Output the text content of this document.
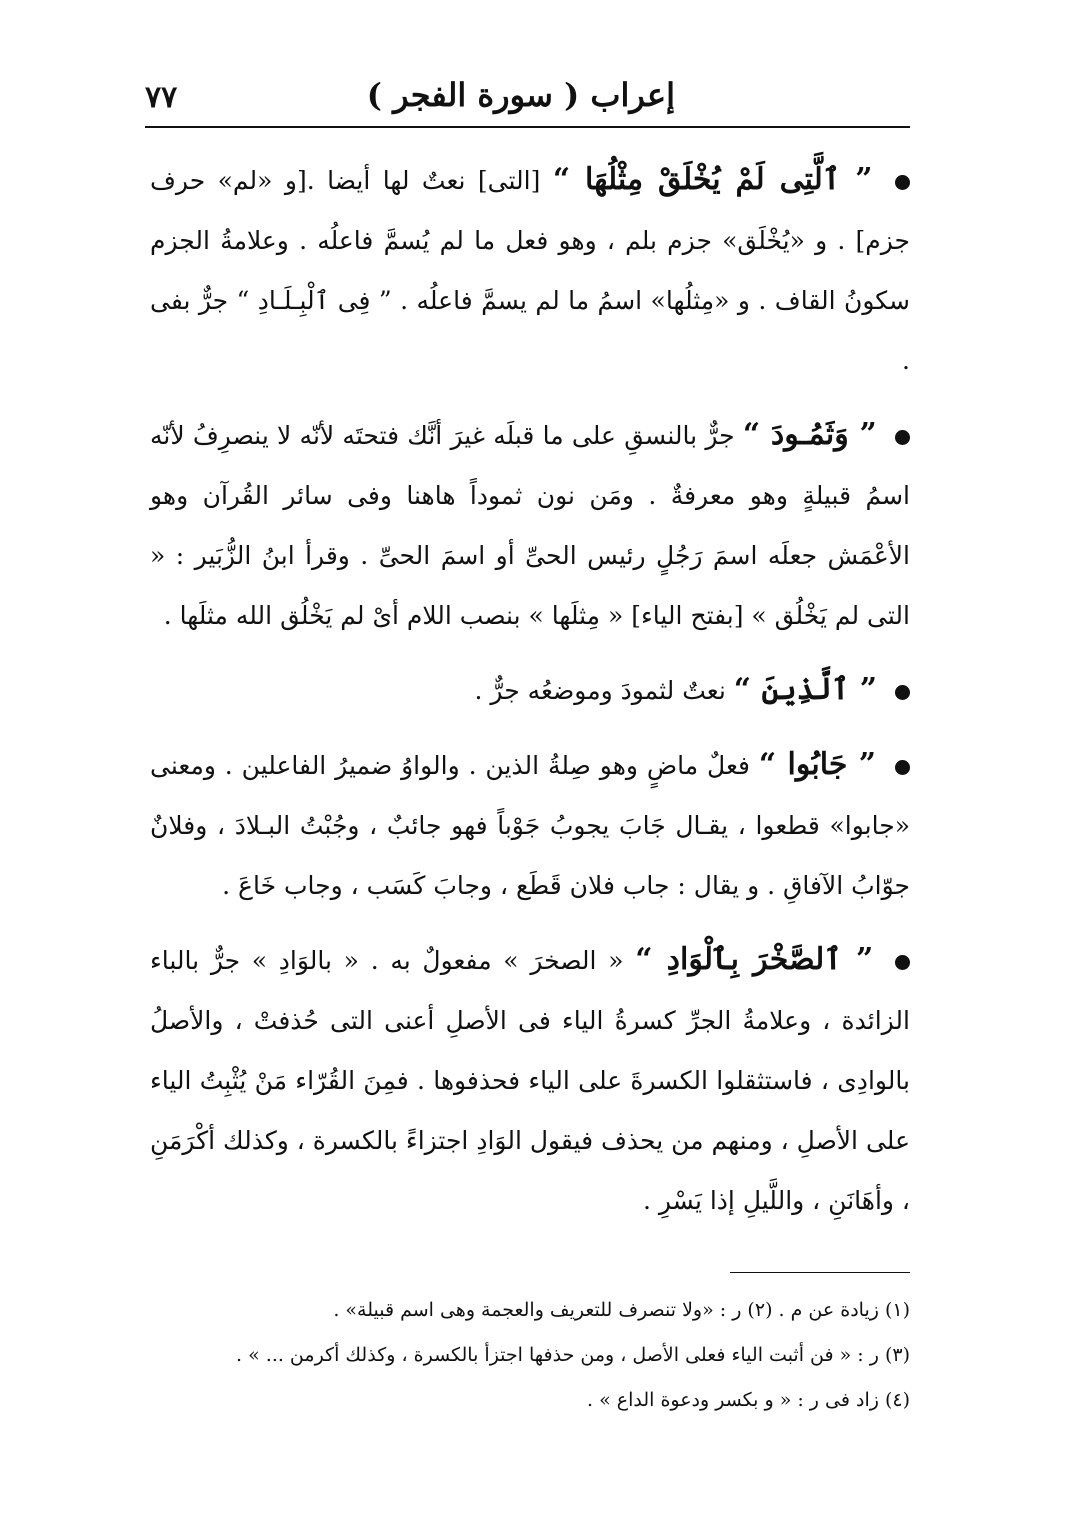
إعراب ( سورة الفجر )
٧٧

” ٱلَّتِى لَمْ يُخْلَقْ مِثْلُهَا “ [التى] نعتٌ لها أيضا .[و «لم» حرف جزم] . و «يُخْلَق» جزم بلم ، وهو فعل ما لم يُسمَّ فاعلُه . وعلامةُ الجزم سكونُ القاف . و «مِثلُها» اسمُ ما لم يسمَّ فاعلُه . ” فِى ٱلْبِـلَـادِ “ جرٌّ بفى .

” وَثَمُـودَ “ جرٌّ بالنسقِ على ما قبلَه غيرَ أنَّك فتحتَه لأنّه لا ينصرِفُ لأنّه اسمُ قبيلةٍ وهو معرفةٌ . ومَن نون ثموداً هاهنا وفى سائر القُرآن وهو الأعْمَش جعلَه اسمَ رَجُلٍ رئيس الحىِّ أو اسمَ الحىِّ . وقرأ ابنُ الزُّبَير : « التى لم يَخْلُق » [بفتح الياء] « مِثلَها » بنصب اللام أىْ لم يَخْلُق الله مثلَها .

” ٱلَّذِينَ “ نعتٌ لثمودَ وموضعُه جرٌّ .

” جَابُوا “ فعلٌ ماضٍ وهو صِلةُ الذين . والواوُ ضميرُ الفاعلين . ومعنى «جابوا» قطعوا ، يقـال جَابَ يجوبُ جَوْباً فهو جائبٌ ، وجُبْتُ البـلادَ ، وفلانٌ جوّابُ الآفاقِ . و يقال : جاب فلان قَطَع ، وجابَ كَسَب ، وجاب خَاعَ .

” ٱلصَّخْرَ بِٱلْوَادِ “ « الصخرَ » مفعولٌ به . « بالوَادِ » جرٌّ بالباء الزائدة ، وعلامةُ الجرِّ كسرةُ الياء فى الأصلِ أعنى التى حُذفتْ ، والأصلُ بالوادِى ، فاستثقلوا الكسرةَ على الياء فحذفوها . فمِنَ القُرّاء مَنْ يُثْبِتُ الياء على الأصلِ ، ومنهم من يحذف فيقول الوَادِ اجتزاءً بالكسرة ، وكذلك أكْرَمَنِ ، وأهَانَنِ ، واللَّيلِ إذا يَسْرِ .

(١) زيادة عن م . (٢) ر : «ولا تنصرف للتعريف والعجمة وهى اسم قبيلة» .
(٣) ر : « فن أثبت الياء فعلى الأصل ، ومن حذفها اجتزأ بالكسرة ، وكذلك أكرمن ... » .
(٤) زاد فى ر : « و بكسر ودعوة الداع » .
